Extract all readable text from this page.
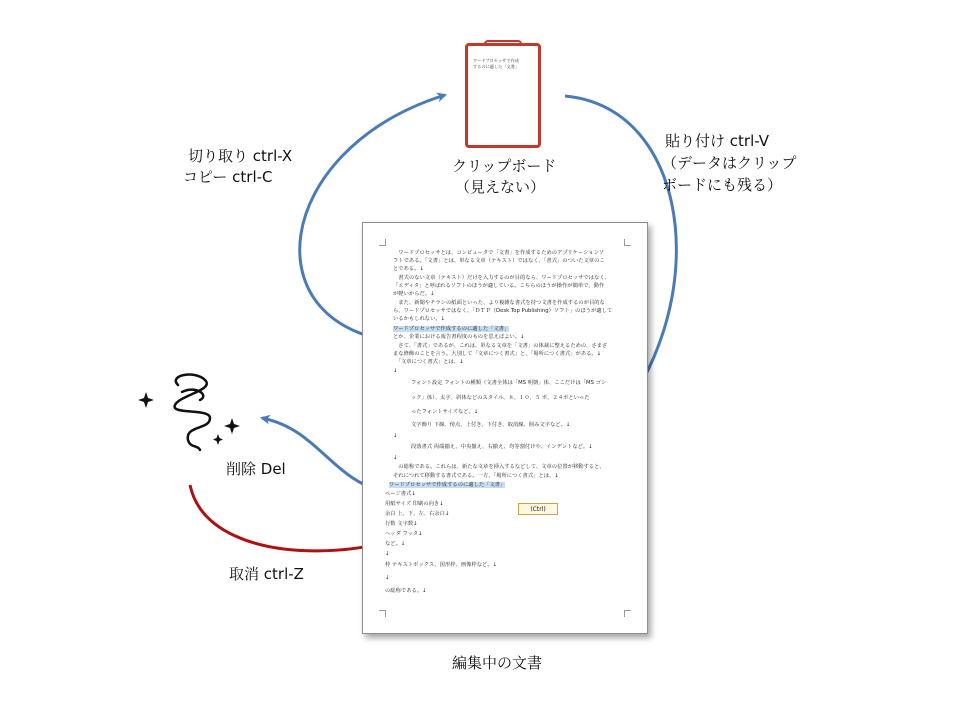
ワードプロセッサで作成
するのに適した「文書」
切り取り ctrl-X
コピー ctrl-C
貼り付け ctrl-V
（データはクリップ
ボードにも残る）
クリップボード
（見えない）
削除 Del
取消 ctrl-Z
編集中の文書
　ワードプロセッサとは、コンピュータで「文書」を作成するためのアプリケーションソ
フトである。「文書」とは、単なる文章（テキスト）ではなく、「書式」のついた文章のこ
とである。↓
　書式のない文章（テキスト）だけを入力するのが目的なら、ワードプロセッサではなく、
「エディタ」と呼ばれるソフトのほうが適している。こちらのほうが操作が簡単で、動作
が軽いからだ。↓
　また、新聞やチラシの紙面といった、より複雑な書式を持つ文書を作成するのが目的な
ら、ワードプロセッサではなく、「ＤＴＰ（Desk Top Publishing）ソフト」のほうが適して
いるかもしれない。↓
ワードプロセッサで作成するのに適した「文書」
とか、企業における報告書程度のものを思えばよい。↓
　さて、「書式」であるが、これは、単なる文章を「文書」の体裁に整えるための、さまざ
まな修飾のことを言う。大別して「文章につく書式」と、「場所につく書式」がある。↓
　「文章につく書式」とは、↓
↓
フォント設定 フォントの種類（文書全体は「MS 明朝」体、ここだけは「MS ゴシ
ック」体）、太字、斜体などのスタイル、８、１０、５ ポ、２４ポといった
ったフォントサイズなど。↓
文字飾り 下線、傍点、上付き、下付き、取消線、囲み文字など。↓
↓
段落書式 両端揃え、中央揃え、右揃え、均等割付けや、インデントなど。↓
↓
　の総称である。これらは、新たな文章を挿入するなどして、文章の位置が移動すると、
それにつれて移動する書式である。一方、「場所につく書式」とは、↓
ワードプロセッサで作成するのに適した「文書」
ページ書式↓
用紙サイズ 印刷の向き↓
余白 上、下、左、右余白↓
行数 文字数↓
ヘッダ フッタ↓
など。↓
↓
枠 テキストボックス、図形枠、画像枠など。↓
↓
の総称である。↓
(Ctrl)
